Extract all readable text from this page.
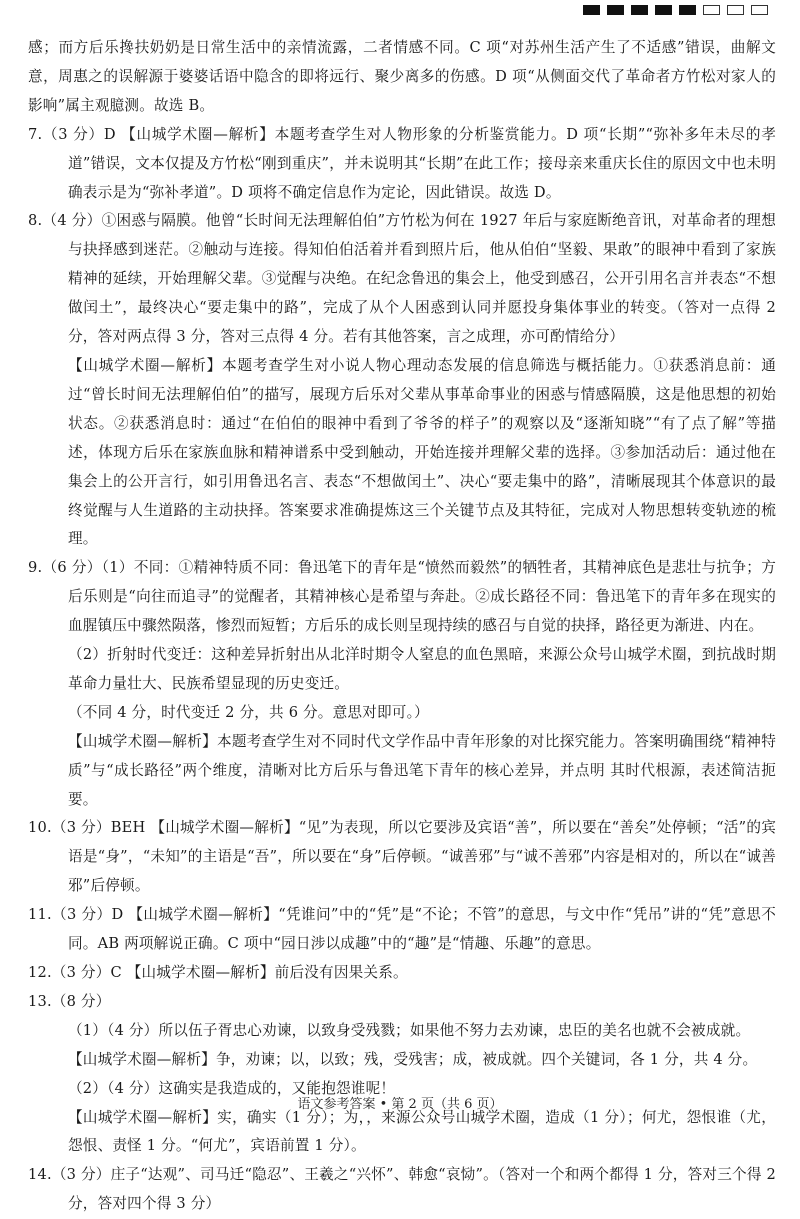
感；而方后乐搀扶奶奶是日常生活中的亲情流露，二者情感不同。C 项“对苏州生活产生了不适感”错误，曲解文意，周惠之的误解源于婆婆话语中隐含的即将远行、聚少离多的伤感。D 项“从侧面交代了革命者方竹松对家人的影响”属主观臆测。故选 B。

7.（3 分）D 【山城学术圈—解析】本题考查学生对人物形象的分析鉴赏能力。D 项“长期”“弥补多年未尽的孝道”错误，文本仅提及方竹松“刚到重庆”，并未说明其“长期”在此工作；接母亲来重庆长住的原因文中也未明确表示是为“弥补孝道”。D 项将不确定信息作为定论，因此错误。故选 D。

8.（4 分）①困惑与隔膜。他曾“长时间无法理解伯伯”方竹松为何在 1927 年后与家庭断绝音讯，对革命者的理想与抉择感到迷茫。②触动与连接。得知伯伯活着并看到照片后，他从伯伯“坚毅、果敢”的眼神中看到了家族精神的延续，开始理解父辈。③觉醒与决绝。在纪念鲁迅的集会上，他受到感召，公开引用名言并表态“不想做闰土”，最终决心“要走集中的路”，完成了从个人困惑到认同并愿投身集体事业的转变。（答对一点得 2 分，答对两点得 3 分，答对三点得 4 分。若有其他答案，言之成理，亦可酌情给分）

【山城学术圈—解析】本题考查学生对小说人物心理动态发展的信息筛选与概括能力。①获悉消息前：通过“曾长时间无法理解伯伯”的描写，展现方后乐对父辈从事革命事业的困惑与情感隔膜，这是他思想的初始状态。②获悉消息时：通过“在伯伯的眼神中看到了爷爷的样子”的观察以及“逐渐知晓”“有了点了解”等描述，体现方后乐在家族血脉和精神谱系中受到触动，开始连接并理解父辈的选择。③参加活动后：通过他在集会上的公开言行，如引用鲁迅名言、表态“不想做闰土”、决心“要走集中的路”，清晰展现其个体意识的最终觉醒与人生道路的主动抉择。答案要求准确提炼这三个关键节点及其特征，完成对人物思想转变轨迹的梳理。

9.（6 分）（1）不同：①精神特质不同：鲁迅笔下的青年是“愤然而毅然”的牺牲者，其精神底色是悲壮与抗争；方后乐则是“向往而追寻”的觉醒者，其精神核心是希望与奔赴。②成长路径不同：鲁迅笔下的青年多在现实的血腥镇压中骤然陨落，惨烈而短暂；方后乐的成长则呈现持续的感召与自觉的抉择，路径更为渐进、内在。

（2）折射时代变迁：这种差异折射出从北洋时期令人窒息的血色黑暗，来源公众号山城学术圈，到抗战时期革命力量壮大、民族希望显现的历史变迁。

（不同 4 分，时代变迁 2 分，共 6 分。意思对即可。）

【山城学术圈—解析】本题考查学生对不同时代文学作品中青年形象的对比探究能力。答案明确围绕“精神特质”与“成长路径”两个维度，清晰对比方后乐与鲁迅笔下青年的核心差异，并点明 其时代根源，表述简洁扼要。

10.（3 分）BEH 【山城学术圈—解析】“见”为表现，所以它要涉及宾语“善”，所以要在“善矣”处停顿；“活”的宾语是“身”，“未知”的主语是“吾”，所以要在“身”后停顿。“诚善邪”与“诚不善邪”内容是相对的，所以在“诚善邪”后停顿。

11.（3 分）D 【山城学术圈—解析】“凭谁问”中的“凭”是“不论；不管”的意思，与文中作“凭吊”讲的“凭”意思不同。AB 两项解说正确。C 项中“园日涉以成趣”中的“趣”是“情趣、乐趣”的意思。

12.（3 分）C 【山城学术圈—解析】前后没有因果关系。

13.（8 分）

（1）（4 分）所以伍子胥忠心劝谏，以致身受残戮；如果他不努力去劝谏，忠臣的美名也就不会被成就。

【山城学术圈—解析】争，劝谏；以，以致；残，受残害；成，被成就。四个关键词，各 1 分，共 4 分。

（2）（4 分）这确实是我造成的，又能抱怨谁呢！

【山城学术圈—解析】实，确实（1 分）；为，，来源公众号山城学术圈，造成（1 分）；何尤，怨恨谁（尤，怨恨、责怪 1 分。“何尤”，宾语前置 1 分）。

14.（3 分）庄子“达观”、司马迁“隐忍”、王羲之“兴怀”、韩愈“哀恸”。（答对一个和两个都得 1 分，答对三个得 2 分，答对四个得 3 分）

语文参考答案 • 第 2 页（共 6 页）
